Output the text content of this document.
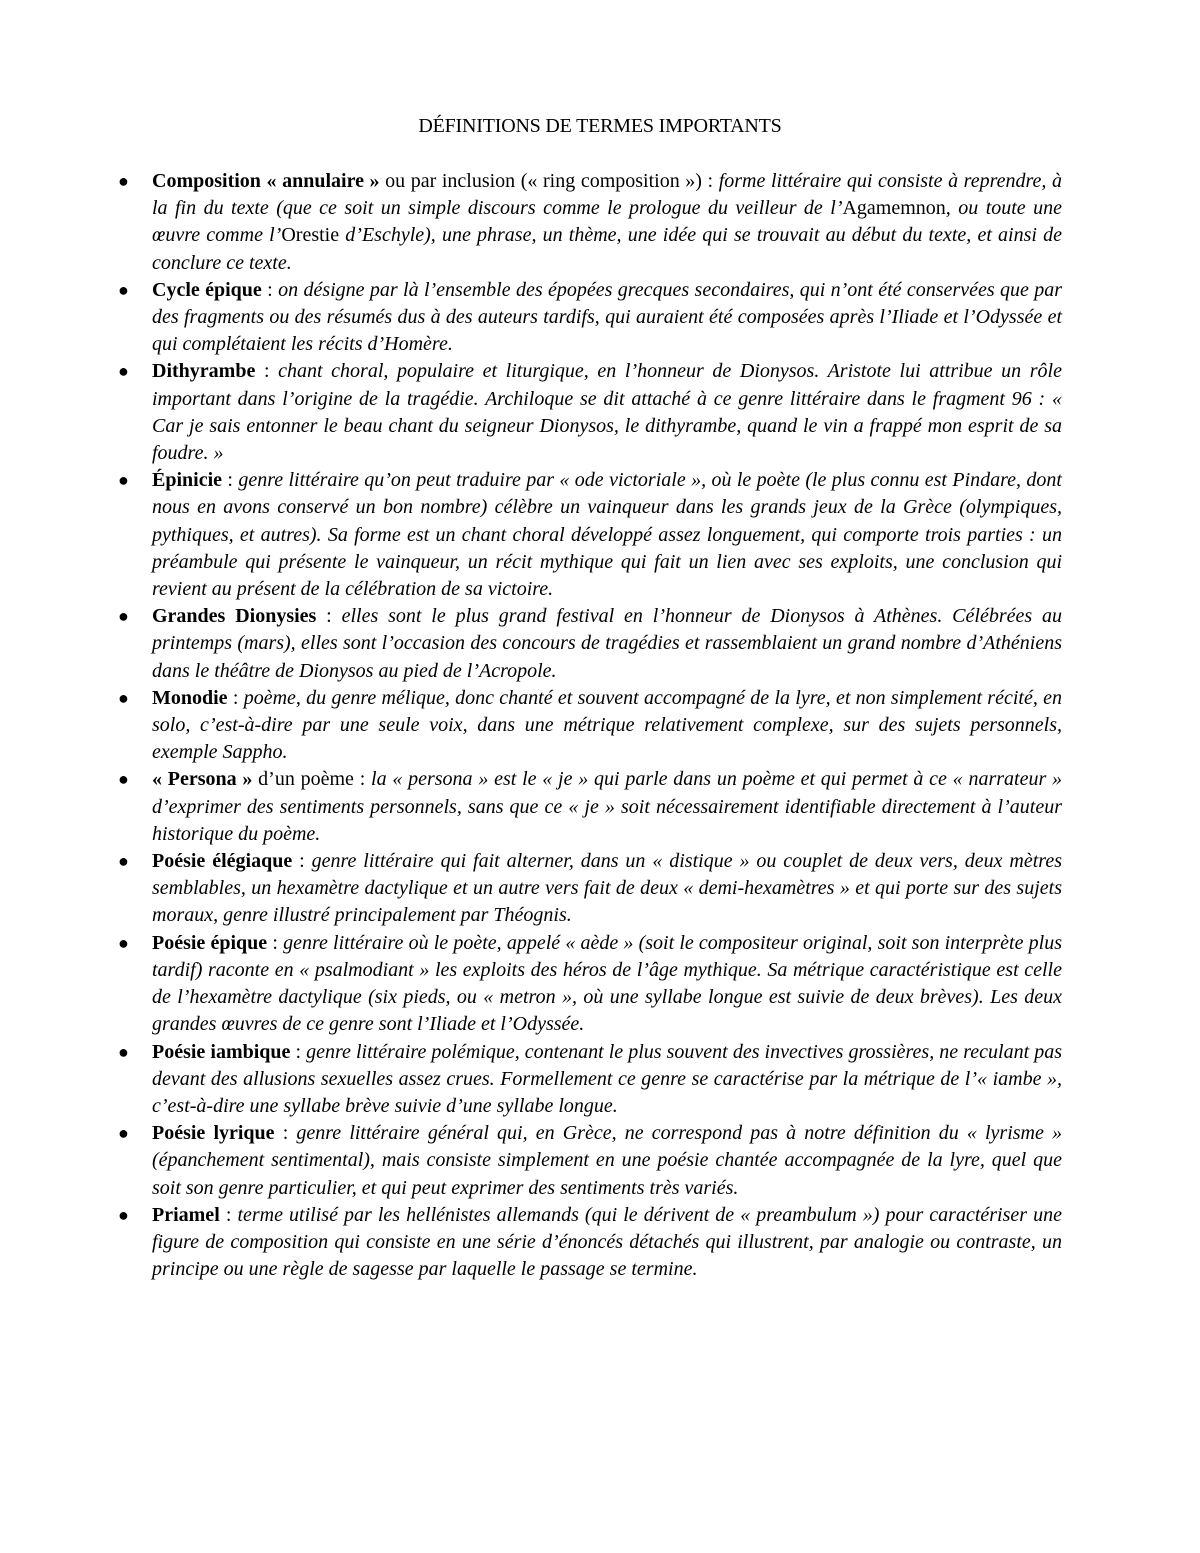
DÉFINITIONS DE TERMES IMPORTANTS
● Composition « annulaire » ou par inclusion (« ring composition ») : forme littéraire qui consiste à reprendre, à la fin du texte (que ce soit un simple discours comme le prologue du veilleur de l’Agamemnon, ou toute une œuvre comme l’Orestie d’Eschyle), une phrase, un thème, une idée qui se trouvait au début du texte, et ainsi de conclure ce texte.
● Cycle épique : on désigne par là l’ensemble des épopées grecques secondaires, qui n’ont été conservées que par des fragments ou des résumés dus à des auteurs tardifs, qui auraient été composées après l’Iliade et l’Odyssée et qui complétaient les récits d’Homère.
● Dithyrambe : chant choral, populaire et liturgique, en l’honneur de Dionysos. Aristote lui attribue un rôle important dans l’origine de la tragédie. Archiloque se dit attaché à ce genre littéraire dans le fragment 96 : « Car je sais entonner le beau chant du seigneur Dionysos, le dithyrambe, quand le vin a frappé mon esprit de sa foudre. »
● Épinicie : genre littéraire qu’on peut traduire par « ode victoriale », où le poète (le plus connu est Pindare, dont nous en avons conservé un bon nombre) célèbre un vainqueur dans les grands jeux de la Grèce (olympiques, pythiques, et autres). Sa forme est un chant choral développé assez longuement, qui comporte trois parties : un préambule qui présente le vainqueur, un récit mythique qui fait un lien avec ses exploits, une conclusion qui revient au présent de la célébration de sa victoire.
● Grandes Dionysies : elles sont le plus grand festival en l’honneur de Dionysos à Athènes. Célébrées au printemps (mars), elles sont l’occasion des concours de tragédies et rassemblaient un grand nombre d’Athéniens dans le théâtre de Dionysos au pied de l’Acropole.
● Monodie : poème, du genre mélique, donc chanté et souvent accompagné de la lyre, et non simplement récité, en solo, c’est-à-dire par une seule voix, dans une métrique relativement complexe, sur des sujets personnels, exemple Sappho.
● « Persona » d’un poème : la « persona » est le « je » qui parle dans un poème et qui permet à ce « narrateur » d’exprimer des sentiments personnels, sans que ce « je » soit nécessairement identifiable directement à l’auteur historique du poème.
● Poésie élégiaque : genre littéraire qui fait alterner, dans un « distique » ou couplet de deux vers, deux mètres semblables, un hexamètre dactylique et un autre vers fait de deux « demi-hexamètres » et qui porte sur des sujets moraux, genre illustré principalement par Théognis.
● Poésie épique : genre littéraire où le poète, appelé « aède » (soit le compositeur original, soit son interprète plus tardif) raconte en « psalmodiant » les exploits des héros de l’âge mythique. Sa métrique caractéristique est celle de l’hexamètre dactylique (six pieds, ou « metron », où une syllabe longue est suivie de deux brèves). Les deux grandes œuvres de ce genre sont l’Iliade et l’Odyssée.
● Poésie iambique : genre littéraire polémique, contenant le plus souvent des invectives grossières, ne reculant pas devant des allusions sexuelles assez crues. Formellement ce genre se caractérise par la métrique de l’« iambe », c’est-à-dire une syllabe brève suivie d’une syllabe longue.
● Poésie lyrique : genre littéraire général qui, en Grèce, ne correspond pas à notre définition du « lyrisme » (épanchement sentimental), mais consiste simplement en une poésie chantée accompagnée de la lyre, quel que soit son genre particulier, et qui peut exprimer des sentiments très variés.
● Priamel : terme utilisé par les hellénistes allemands (qui le dérivent de « preambulum ») pour caractériser une figure de composition qui consiste en une série d’énoncés détachés qui illustrent, par analogie ou contraste, un principe ou une règle de sagesse par laquelle le passage se termine.
